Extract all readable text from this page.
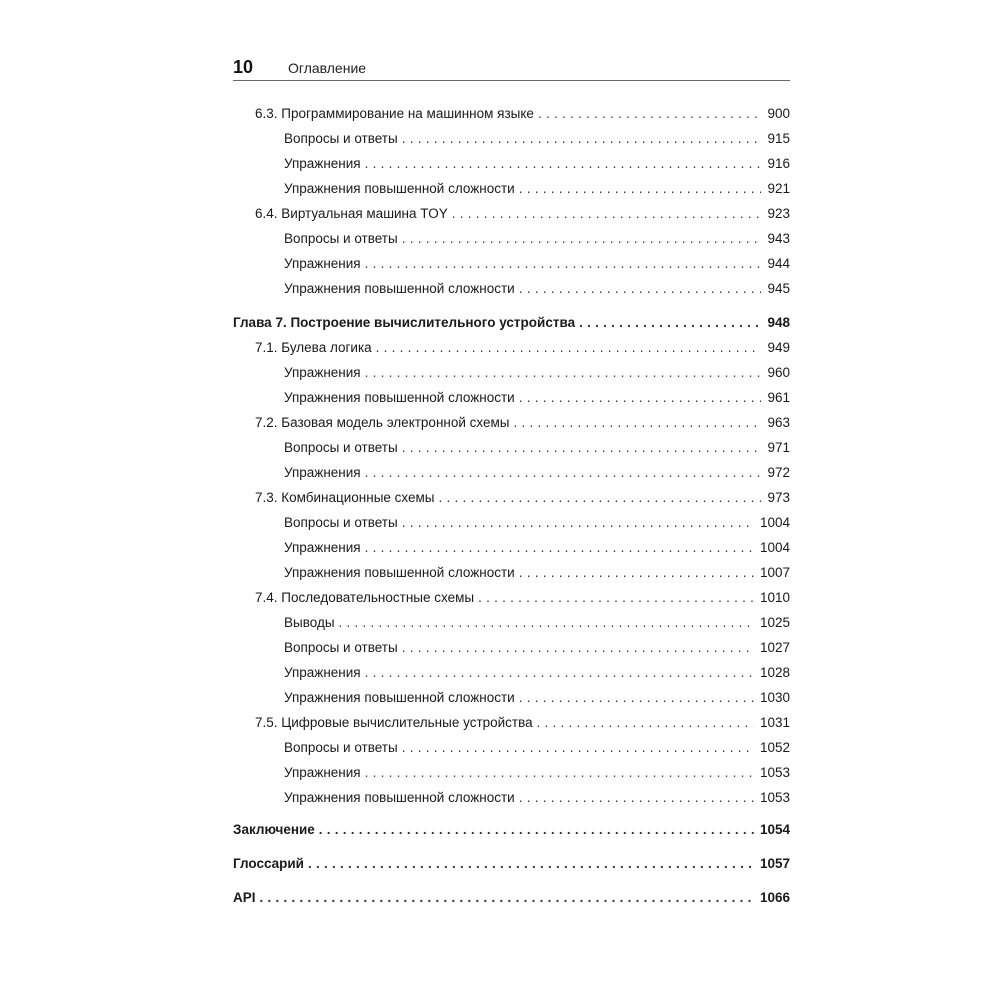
10 Оглавление
6.3. Программирование на машинном языке . . .	900
Вопросы и ответы . . .	915
Упражнения . . .	916
Упражнения повышенной сложности . . .	921
6.4. Виртуальная машина TOY . . .	923
Вопросы и ответы . . .	943
Упражнения . . .	944
Упражнения повышенной сложности . . .	945
Глава 7. Построение вычислительного устройства . . .	948
7.1. Булева логика . . .	949
Упражнения . . .	960
Упражнения повышенной сложности . . .	961
7.2. Базовая модель электронной схемы . . .	963
Вопросы и ответы . . .	971
Упражнения . . .	972
7.3. Комбинационные схемы . . .	973
Вопросы и ответы . . .	1004
Упражнения . . .	1004
Упражнения повышенной сложности . . .	1007
7.4. Последовательностные схемы . . .	1010
Выводы . . .	1025
Вопросы и ответы . . .	1027
Упражнения . . .	1028
Упражнения повышенной сложности . . .	1030
7.5. Цифровые вычислительные устройства . . .	1031
Вопросы и ответы . . .	1052
Упражнения . . .	1053
Упражнения повышенной сложности . . .	1053
Заключение . . .	1054
Глоссарий . . .	1057
API . . .	1066
